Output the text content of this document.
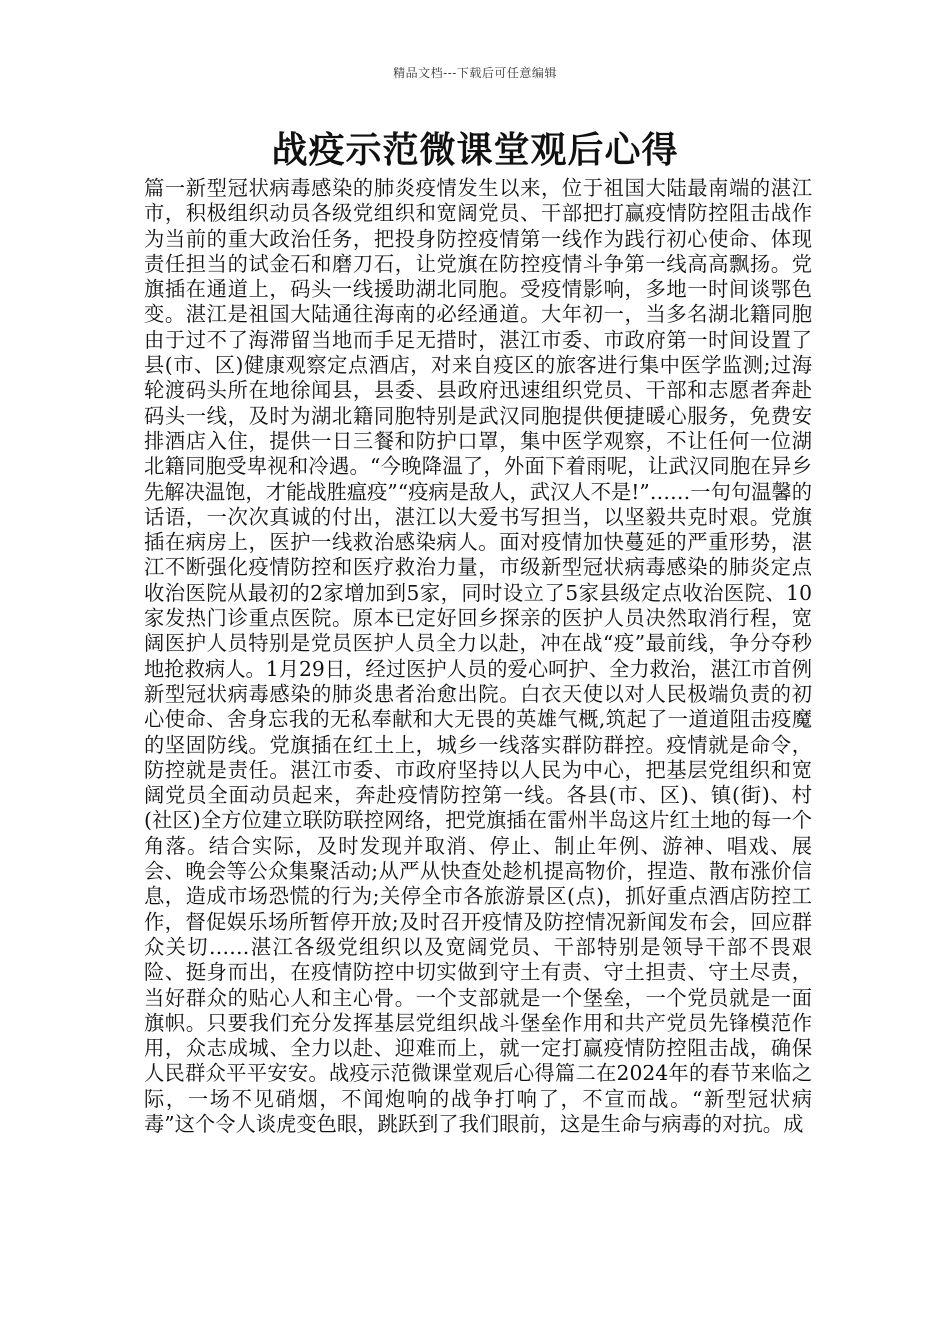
精品文档---下载后可任意编辑
战疫示范微课堂观后心得

篇一新型冠状病毒感染的肺炎疫情发生以来，位于祖国大陆最南端的湛江市，积极组织动员各级党组织和宽阔党员、干部把打赢疫情防控阻击战作为当前的重大政治任务，把投身防控疫情第一线作为践行初心使命、体现责任担当的试金石和磨刀石，让党旗在防控疫情斗争第一线高高飘扬。党旗插在通道上，码头一线援助湖北同胞。受疫情影响，多地一时间谈鄂色变。湛江是祖国大陆通往海南的必经通道。大年初一，当多名湖北籍同胞由于过不了海滞留当地而手足无措时，湛江市委、市政府第一时间设置了县(市、区)健康观察定点酒店，对来自疫区的旅客进行集中医学监测;过海轮渡码头所在地徐闻县，县委、县政府迅速组织党员、干部和志愿者奔赴码头一线，及时为湖北籍同胞特别是武汉同胞提供便捷暖心服务，免费安排酒店入住，提供一日三餐和防护口罩，集中医学观察，不让任何一位湖北籍同胞受卑视和冷遇。“今晚降温了，外面下着雨呢，让武汉同胞在异乡先解决温饱，才能战胜瘟疫”“疫病是敌人，武汉人不是!”……一句句温馨的话语，一次次真诚的付出，湛江以大爱书写担当，以坚毅共克时艰。党旗插在病房上，医护一线救治感染病人。面对疫情加快蔓延的严重形势，湛江不断强化疫情防控和医疗救治力量，市级新型冠状病毒感染的肺炎定点收治医院从最初的2家增加到5家，同时设立了5家县级定点收治医院、10家发热门诊重点医院。原本已定好回乡探亲的医护人员决然取消行程，宽阔医护人员特别是党员医护人员全力以赴，冲在战“疫”最前线，争分夺秒地抢救病人。1月29日，经过医护人员的爱心呵护、全力救治，湛江市首例新型冠状病毒感染的肺炎患者治愈出院。白衣天使以对人民极端负责的初心使命、舍身忘我的无私奉献和大无畏的英雄气概,筑起了一道道阻击疫魔的坚固防线。党旗插在红土上，城乡一线落实群防群控。疫情就是命令，防控就是责任。湛江市委、市政府坚持以人民为中心，把基层党组织和宽阔党员全面动员起来，奔赴疫情防控第一线。各县(市、区)、镇(街)、村(社区)全方位建立联防联控网络，把党旗插在雷州半岛这片红土地的每一个角落。结合实际，及时发现并取消、停止、制止年例、游神、唱戏、展会、晚会等公众集聚活动;从严从快查处趁机提高物价，捏造、散布涨价信息，造成市场恐慌的行为;关停全市各旅游景区(点)，抓好重点酒店防控工作，督促娱乐场所暂停开放;及时召开疫情及防控情况新闻发布会，回应群众关切……湛江各级党组织以及宽阔党员、干部特别是领导干部不畏艰险、挺身而出，在疫情防控中切实做到守土有责、守土担责、守土尽责，当好群众的贴心人和主心骨。一个支部就是一个堡垒，一个党员就是一面旗帜。只要我们充分发挥基层党组织战斗堡垒作用和共产党员先锋模范作用，众志成城、全力以赴、迎难而上，就一定打赢疫情防控阻击战，确保人民群众平平安安。战疫示范微课堂观后心得篇二在2024年的春节来临之际，一场不见硝烟，不闻炮响的战争打响了，不宣而战。“新型冠状病毒”这个令人谈虎变色眼，跳跃到了我们眼前，这是生命与病毒的对抗。成
